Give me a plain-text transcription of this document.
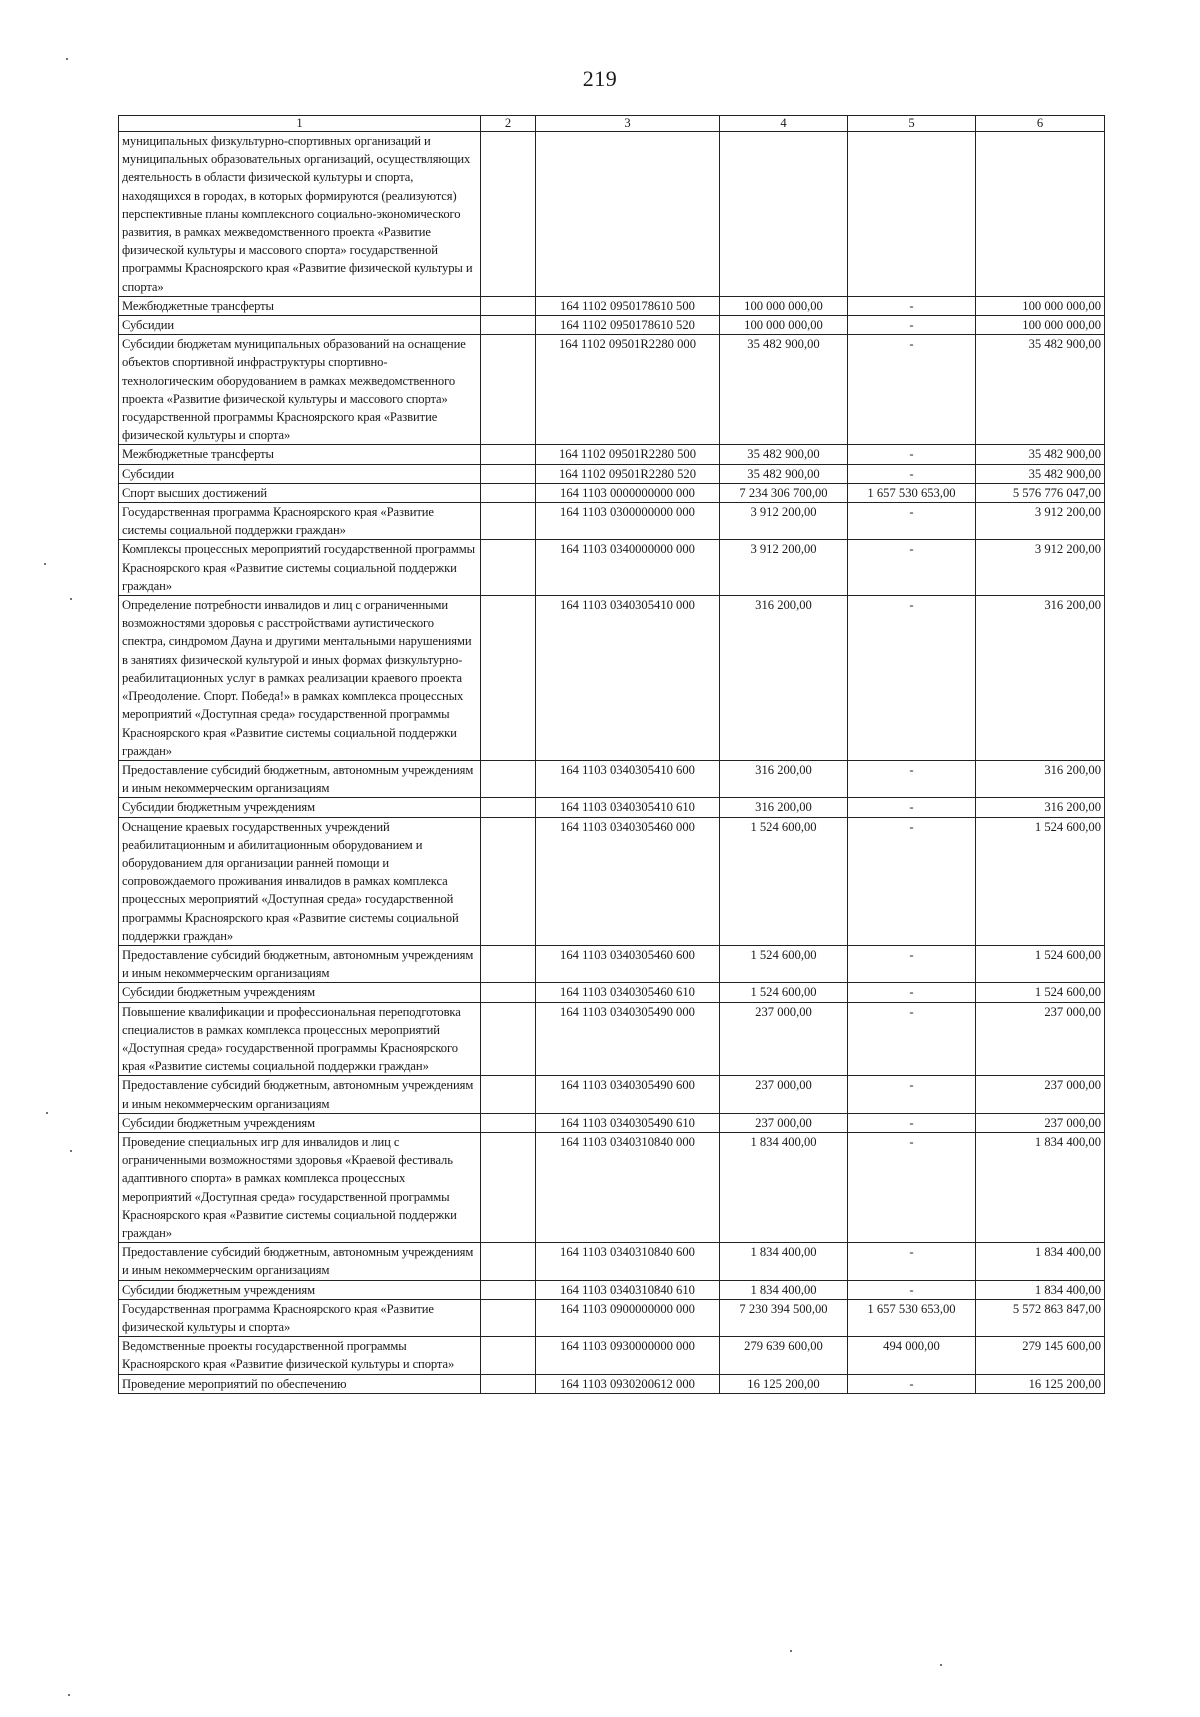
219
1	2	3	4	5	6
муниципальных физкультурно-спортивных организаций и муниципальных образовательных организаций, осуществляющих деятельность в области физической культуры и спорта, находящихся в городах, в которых формируются (реализуются) перспективные планы комплексного социально-экономического развития, в рамках межведомственного проекта «Развитие физической культуры и массового спорта» государственной программы Красноярского края «Развитие физической культуры и спорта»					
Межбюджетные трансферты		164 1102 0950178610 500	100 000 000,00	-	100 000 000,00
Субсидии		164 1102 0950178610 520	100 000 000,00	-	100 000 000,00
Субсидии бюджетам муниципальных образований на оснащение объектов спортивной инфраструктуры спортивно-технологическим оборудованием в рамках межведомственного проекта «Развитие физической культуры и массового спорта» государственной программы Красноярского края «Развитие физической культуры и спорта»		164 1102 09501R2280 000	35 482 900,00	-	35 482 900,00
Межбюджетные трансферты		164 1102 09501R2280 500	35 482 900,00	-	35 482 900,00
Субсидии		164 1102 09501R2280 520	35 482 900,00	-	35 482 900,00
Спорт высших достижений		164 1103 0000000000 000	7 234 306 700,00	1 657 530 653,00	5 576 776 047,00
Государственная программа Красноярского края «Развитие системы социальной поддержки граждан»		164 1103 0300000000 000	3 912 200,00	-	3 912 200,00
Комплексы процессных мероприятий государственной программы Красноярского края «Развитие системы социальной поддержки граждан»		164 1103 0340000000 000	3 912 200,00	-	3 912 200,00
Определение потребности инвалидов и лиц с ограниченными возможностями здоровья с расстройствами аутистического спектра, синдромом Дауна и другими ментальными нарушениями в занятиях физической культурой и иных формах физкультурно-реабилитационных услуг в рамках реализации краевого проекта «Преодоление. Спорт. Победа!» в рамках комплекса процессных мероприятий «Доступная среда» государственной программы Красноярского края «Развитие системы социальной поддержки граждан»		164 1103 0340305410 000	316 200,00	-	316 200,00
Предоставление субсидий бюджетным, автономным учреждениям и иным некоммерческим организациям		164 1103 0340305410 600	316 200,00	-	316 200,00
Субсидии бюджетным учреждениям		164 1103 0340305410 610	316 200,00	-	316 200,00
Оснащение краевых государственных учреждений реабилитационным и абилитационным оборудованием и оборудованием для организации ранней помощи и сопровождаемого проживания инвалидов в рамках комплекса процессных мероприятий «Доступная среда» государственной программы Красноярского края «Развитие системы социальной поддержки граждан»		164 1103 0340305460 000	1 524 600,00	-	1 524 600,00
Предоставление субсидий бюджетным, автономным учреждениям и иным некоммерческим организациям		164 1103 0340305460 600	1 524 600,00	-	1 524 600,00
Субсидии бюджетным учреждениям		164 1103 0340305460 610	1 524 600,00	-	1 524 600,00
Повышение квалификации и профессиональная переподготовка специалистов в рамках комплекса процессных мероприятий «Доступная среда» государственной программы Красноярского края «Развитие системы социальной поддержки граждан»		164 1103 0340305490 000	237 000,00	-	237 000,00
Предоставление субсидий бюджетным, автономным учреждениям и иным некоммерческим организациям		164 1103 0340305490 600	237 000,00	-	237 000,00
Субсидии бюджетным учреждениям		164 1103 0340305490 610	237 000,00	-	237 000,00
Проведение специальных игр для инвалидов и лиц с ограниченными возможностями здоровья «Краевой фестиваль адаптивного спорта» в рамках комплекса процессных мероприятий «Доступная среда» государственной программы Красноярского края «Развитие системы социальной поддержки граждан»		164 1103 0340310840 000	1 834 400,00	-	1 834 400,00
Предоставление субсидий бюджетным, автономным учреждениям и иным некоммерческим организациям		164 1103 0340310840 600	1 834 400,00	-	1 834 400,00
Субсидии бюджетным учреждениям		164 1103 0340310840 610	1 834 400,00	-	1 834 400,00
Государственная программа Красноярского края «Развитие физической культуры и спорта»		164 1103 0900000000 000	7 230 394 500,00	1 657 530 653,00	5 572 863 847,00
Ведомственные проекты государственной программы Красноярского края «Развитие физической культуры и спорта»		164 1103 0930000000 000	279 639 600,00	494 000,00	279 145 600,00
Проведение мероприятий по обеспечению		164 1103 0930200612 000	16 125 200,00	-	16 125 200,00
